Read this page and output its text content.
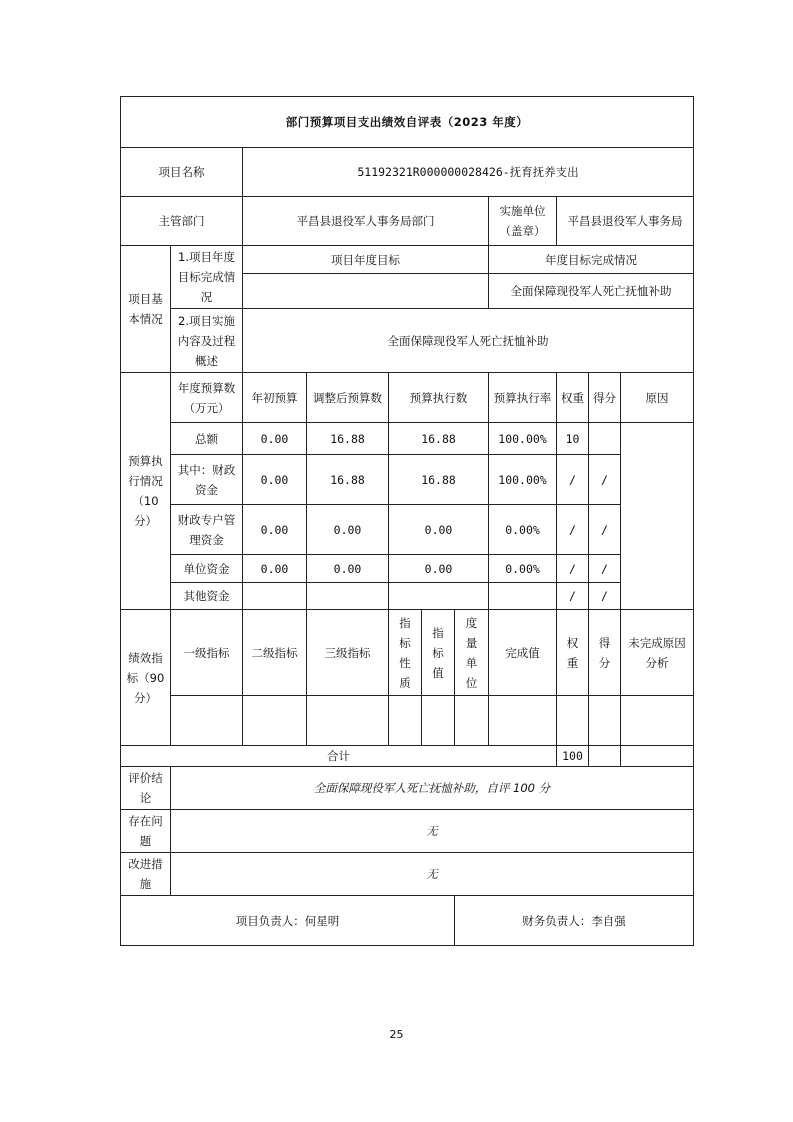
部门预算项目支出绩效自评表（2023 年度）										
项目名称		51192321R000000028426-抚育抚养支出								
主管部门		平昌县退役军人事务局部门					实施单位（盖章）	平昌县退役军人事务局		
项目基本情况	1.项目年度目标完成情况	项目年度目标					年度目标完成情况			
							全面保障现役军人死亡抚恤补助			
	2.项目实施内容及过程概述	全面保障现役军人死亡抚恤补助								
预算执行情况（10分）	年度预算数（万元）	年初预算	调整后预算数	预算执行数			预算执行率	权重	得分	原因
	总额	0.00	16.88	16.88			100.00%	10		
	其中：财政资金	0.00	16.88	16.88			100.00%	/	/	
	财政专户管理资金	0.00	0.00	0.00			0.00%	/	/	
	单位资金	0.00	0.00	0.00			0.00%	/	/	
	其他资金							/	/	
绩效指标（90分）	一级指标	二级指标	三级指标	指标性质	指标值	度量单位	完成值	权重	得分	未完成原因分析

合计								100		
评价结论	全面保障现役军人死亡抚恤补助，自评 100 分									
存在问题	无									
改进措施	无									
项目负责人：何星明						财务负责人：李自强				
25
